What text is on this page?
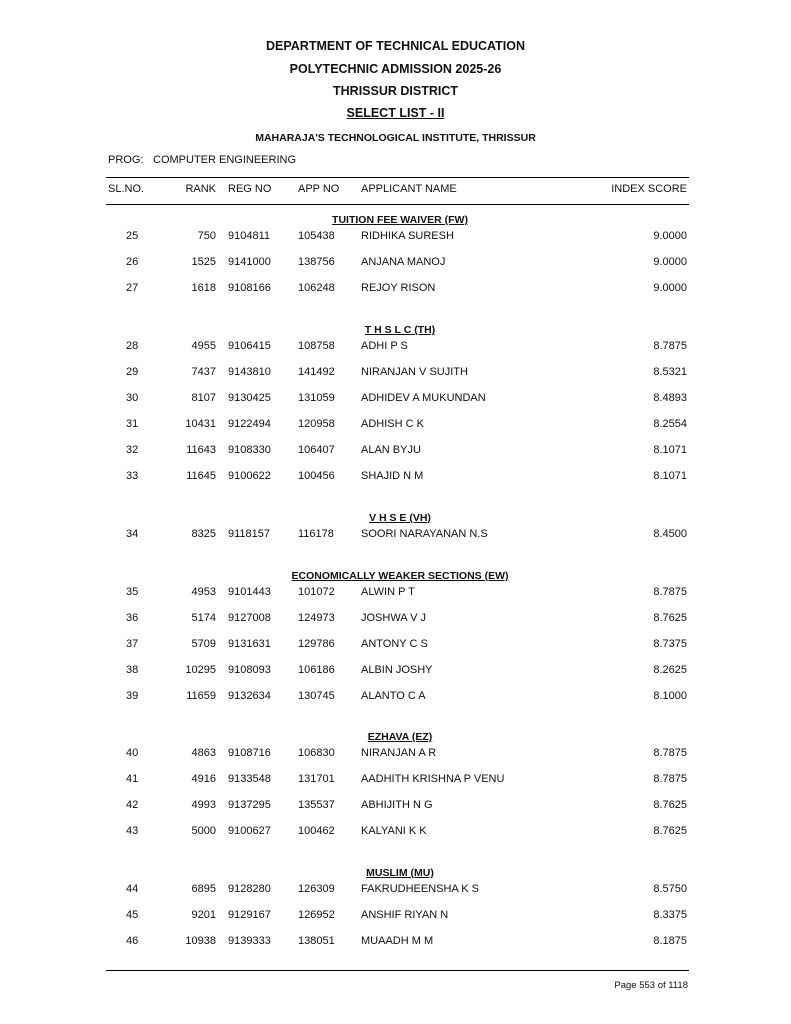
DEPARTMENT OF TECHNICAL EDUCATION
POLYTECHNIC ADMISSION 2025-26
THRISSUR DISTRICT
SELECT LIST - II
MAHARAJA'S TECHNOLOGICAL INSTITUTE, THRISSUR
PROG: COMPUTER ENGINEERING
SL.NO.	RANK REG NO APP NO APPLICANT NAME	INDEX SCORE
TUITION FEE WAIVER (FW)
25	750 9104811	105438 RIDHIKA SURESH	9.0000
26	1525 9141000 138756 ANJANA MANOJ	9.0000
27	1618 9108166 106248 REJOY RISON	9.0000
T H S L C (TH)
28	4955 9106415 108758 ADHI P S	8.7875
29	7437 9143810 141492 NIRANJAN V SUJITH	8.5321
30	8107 9130425 131059 ADHIDEV A MUKUNDAN	8.4893
31	10431 9122494 120958 ADHISH C K	8.2554
32	11643 9108330 106407 ALAN BYJU	8.1071
33	11645 9100622 100456 SHAJID N M	8.1071
V H S E (VH)
34	8325 9118157	116178 SOORI NARAYANAN N.S	8.4500
ECONOMICALLY WEAKER SECTIONS (EW)
35	4953 9101443 101072 ALWIN P T	8.7875
36	5174 9127008 124973 JOSHWA V J	8.7625
37	5709 9131631 129786 ANTONY C S	8.7375
38	10295 9108093 106186 ALBIN JOSHY	8.2625
39	11659 9132634 130745 ALANTO C A	8.1000
EZHAVA (EZ)
40	4863 9108716 106830 NIRANJAN A R	8.7875
41	4916 9133548 131701 AADHITH KRISHNA P VENU	8.7875
42	4993 9137295 135537 ABHIJITH N G	8.7625
43	5000 9100627 100462 KALYANI K K	8.7625
MUSLIM (MU)
44	6895 9128280 126309 FAKRUDHEENSHA K S	8.5750
45	9201 9129167 126952 ANSHIF RIYAN N	8.3375
46	10938 9139333 138051 MUAADH M M	8.1875
Page 553 of 1118
